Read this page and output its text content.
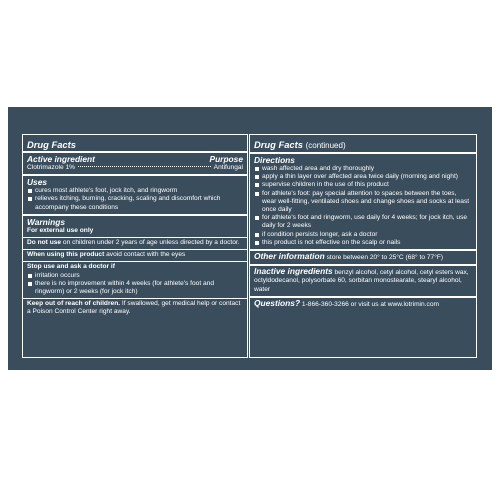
Drug Facts
Active ingredient	Purpose
Clotrimazole 1%	Antifungal
Uses
cures most athlete's foot, jock itch, and ringworm
relieves itching, burning, cracking, scaling and discomfort which accompany these conditions
Warnings
For external use only
Do not use on children under 2 years of age unless directed by a doctor.
When using this product avoid contact with the eyes
Stop use and ask a doctor if
irritation occurs
there is no improvement within 4 weeks (for athlete's foot and ringworm) or 2 weeks (for jock itch)
Keep out of reach of children. If swallowed, get medical help or contact a Poison Control Center right away.
Drug Facts (continued)
Directions
wash affected area and dry thoroughly
apply a thin layer over affected area twice daily (morning and night)
supervise children in the use of this product
for athlete's foot: pay special attention to spaces between the toes, wear well-fitting, ventilated shoes and change shoes and socks at least once daily
for athlete's foot and ringworm, use daily for 4 weeks; for jock itch, use daily for 2 weeks
if condition persists longer, ask a doctor
this product is not effective on the scalp or nails
Other information store between 20° to 25°C (68° to 77°F)
Inactive ingredients benzyl alcohol, cetyl alcohol, cetyl esters wax, octyldodecanol, polysorbate 60, sorbitan monostearate, stearyl alcohol, water
Questions? 1-866-360-3266 or visit us at www.lotrimin.com
